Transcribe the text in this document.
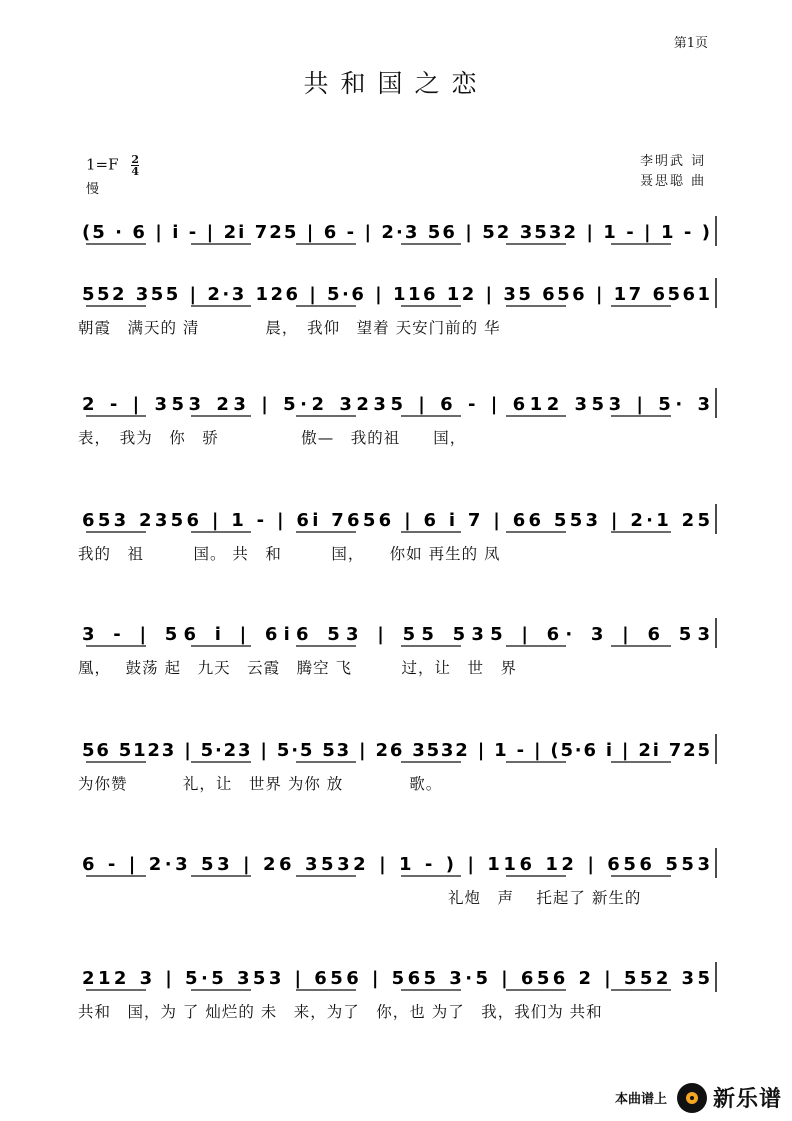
第1页
共和国之恋
$1=F \frac{2}{4}$
慢
李明武 词
聂思聪 曲
(5 · 6 | i - | 2i 725 | 6 - | 2·3 56 | 52 3532 | 1 - | 1 - )
552 355 | 2·3 126 | 5·6 | 116 12 | 35 656 | 17 6561
朝霞　满天的 清　　　　晨，　我仰　望着 天安门前的 华
2 - | 353 23 | 5·2 3235 | 6 - | 612 353 | 5· 3
表，　我为　你　骄　　　　　傲—　我的祖　　国，
653 2356 | 1 - | 6i 7656 | 6 i 7 | 66 553 | 2·1 25
我的　祖　　　国。 共　和　　　国，　　你如 再生的 凤
3 - | 56 i | 6i6 53 | 55 535 | 6· 3 | 6 53
凰，　 鼓荡 起　九天　云霞　腾空 飞　　　过，让　世　界
56 5123 | 5·23 | 5·5 53 | 26 3532 | 1 - | (5·6 i | 2i 725
为你赞　　　 礼，让　世界 为你 放　　　　歌。
6 - | 2·3 53 | 26 3532 | 1 - ) | 116 12 | 656 553
礼炮　声　 托起了 新生的
212 3 | 5·5 353 | 656 | 565 3·5 | 656 2 | 552 35
共和　国，为 了 灿烂的 未　来，为了　你，也 为了　我，我们为 共和
本曲谱上 新乐谱
